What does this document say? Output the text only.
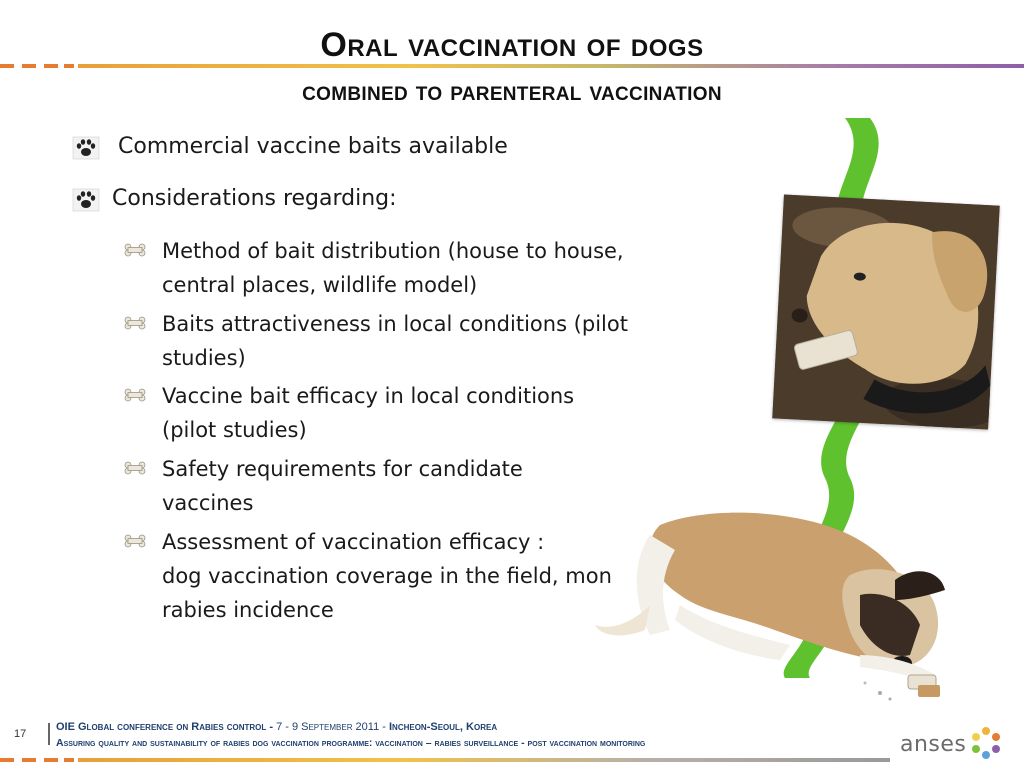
Oral vaccination of dogs
combined to parenteral vaccination
Commercial vaccine baits available
Considerations regarding:
Method of bait distribution (house to house,
central places, wildlife model)
Baits attractiveness in local conditions (pilot
studies)
Vaccine bait efficacy in local conditions
(pilot studies)
Safety requirements for candidate
vaccines
Assessment of vaccination efficacy :
dog vaccination coverage in the field, mon
rabies incidence
17
OIE Global conference on Rabies control - 7 - 9 September 2011 - Incheon-Seoul, Korea
Assuring quality and sustainability of rabies dog vaccination programme: vaccination – rabies surveillance - post vaccination monitoring	anses
